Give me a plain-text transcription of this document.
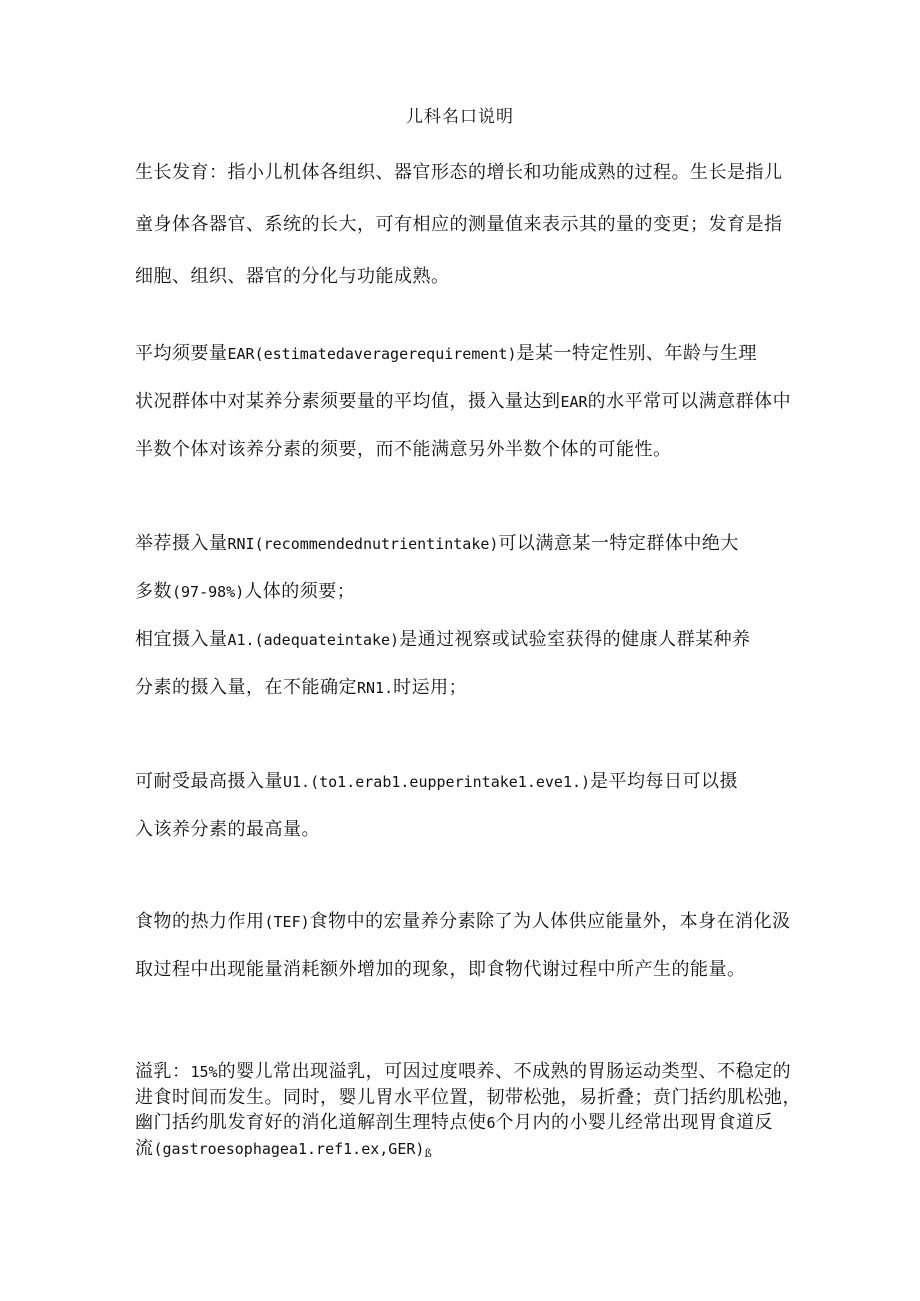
儿科名口说明
生长发育：指小儿机体各组织、器官形态的增长和功能成熟的过程。生长是指儿
童身体各器官、系统的长大，可有相应的测量值来表示其的量的变更；发育是指
细胞、组织、器官的分化与功能成熟。
平均须要量EAR(estimatedaveragerequirement)是某一特定性别、年龄与生理
状况群体中对某养分素须要量的平均值，摄入量达到EAR的水平常可以满意群体中
半数个体对该养分素的须要，而不能满意另外半数个体的可能性。
举荐摄入量RNI(recommendednutrientintake)可以满意某一特定群体中绝大
多数(97-98%)人体的须要；
相宜摄入量A1.(adequateintake)是通过视察或试验室获得的健康人群某种养
分素的摄入量，在不能确定RN1.时运用；
可耐受最高摄入量U1.(to1.erab1.eupperintake1.eve1.)是平均每日可以摄
入该养分素的最高量。
食物的热力作用(TEF)食物中的宏量养分素除了为人体供应能量外，本身在消化汲
取过程中出现能量消耗额外增加的现象，即食物代谢过程中所产生的能量。
溢乳：15%的婴儿常出现溢乳，可因过度喂养、不成熟的胃肠运动类型、不稳定的
进食时间而发生。同时，婴儿胃水平位置，韧带松弛，易折叠；贲门括约肌松弛，
幽门括约肌发育好的消化道解剖生理特点使6个月内的小婴儿经常出现胃食道反
流$(gastroesophagea1.ref1.ex,GER)_ß$
